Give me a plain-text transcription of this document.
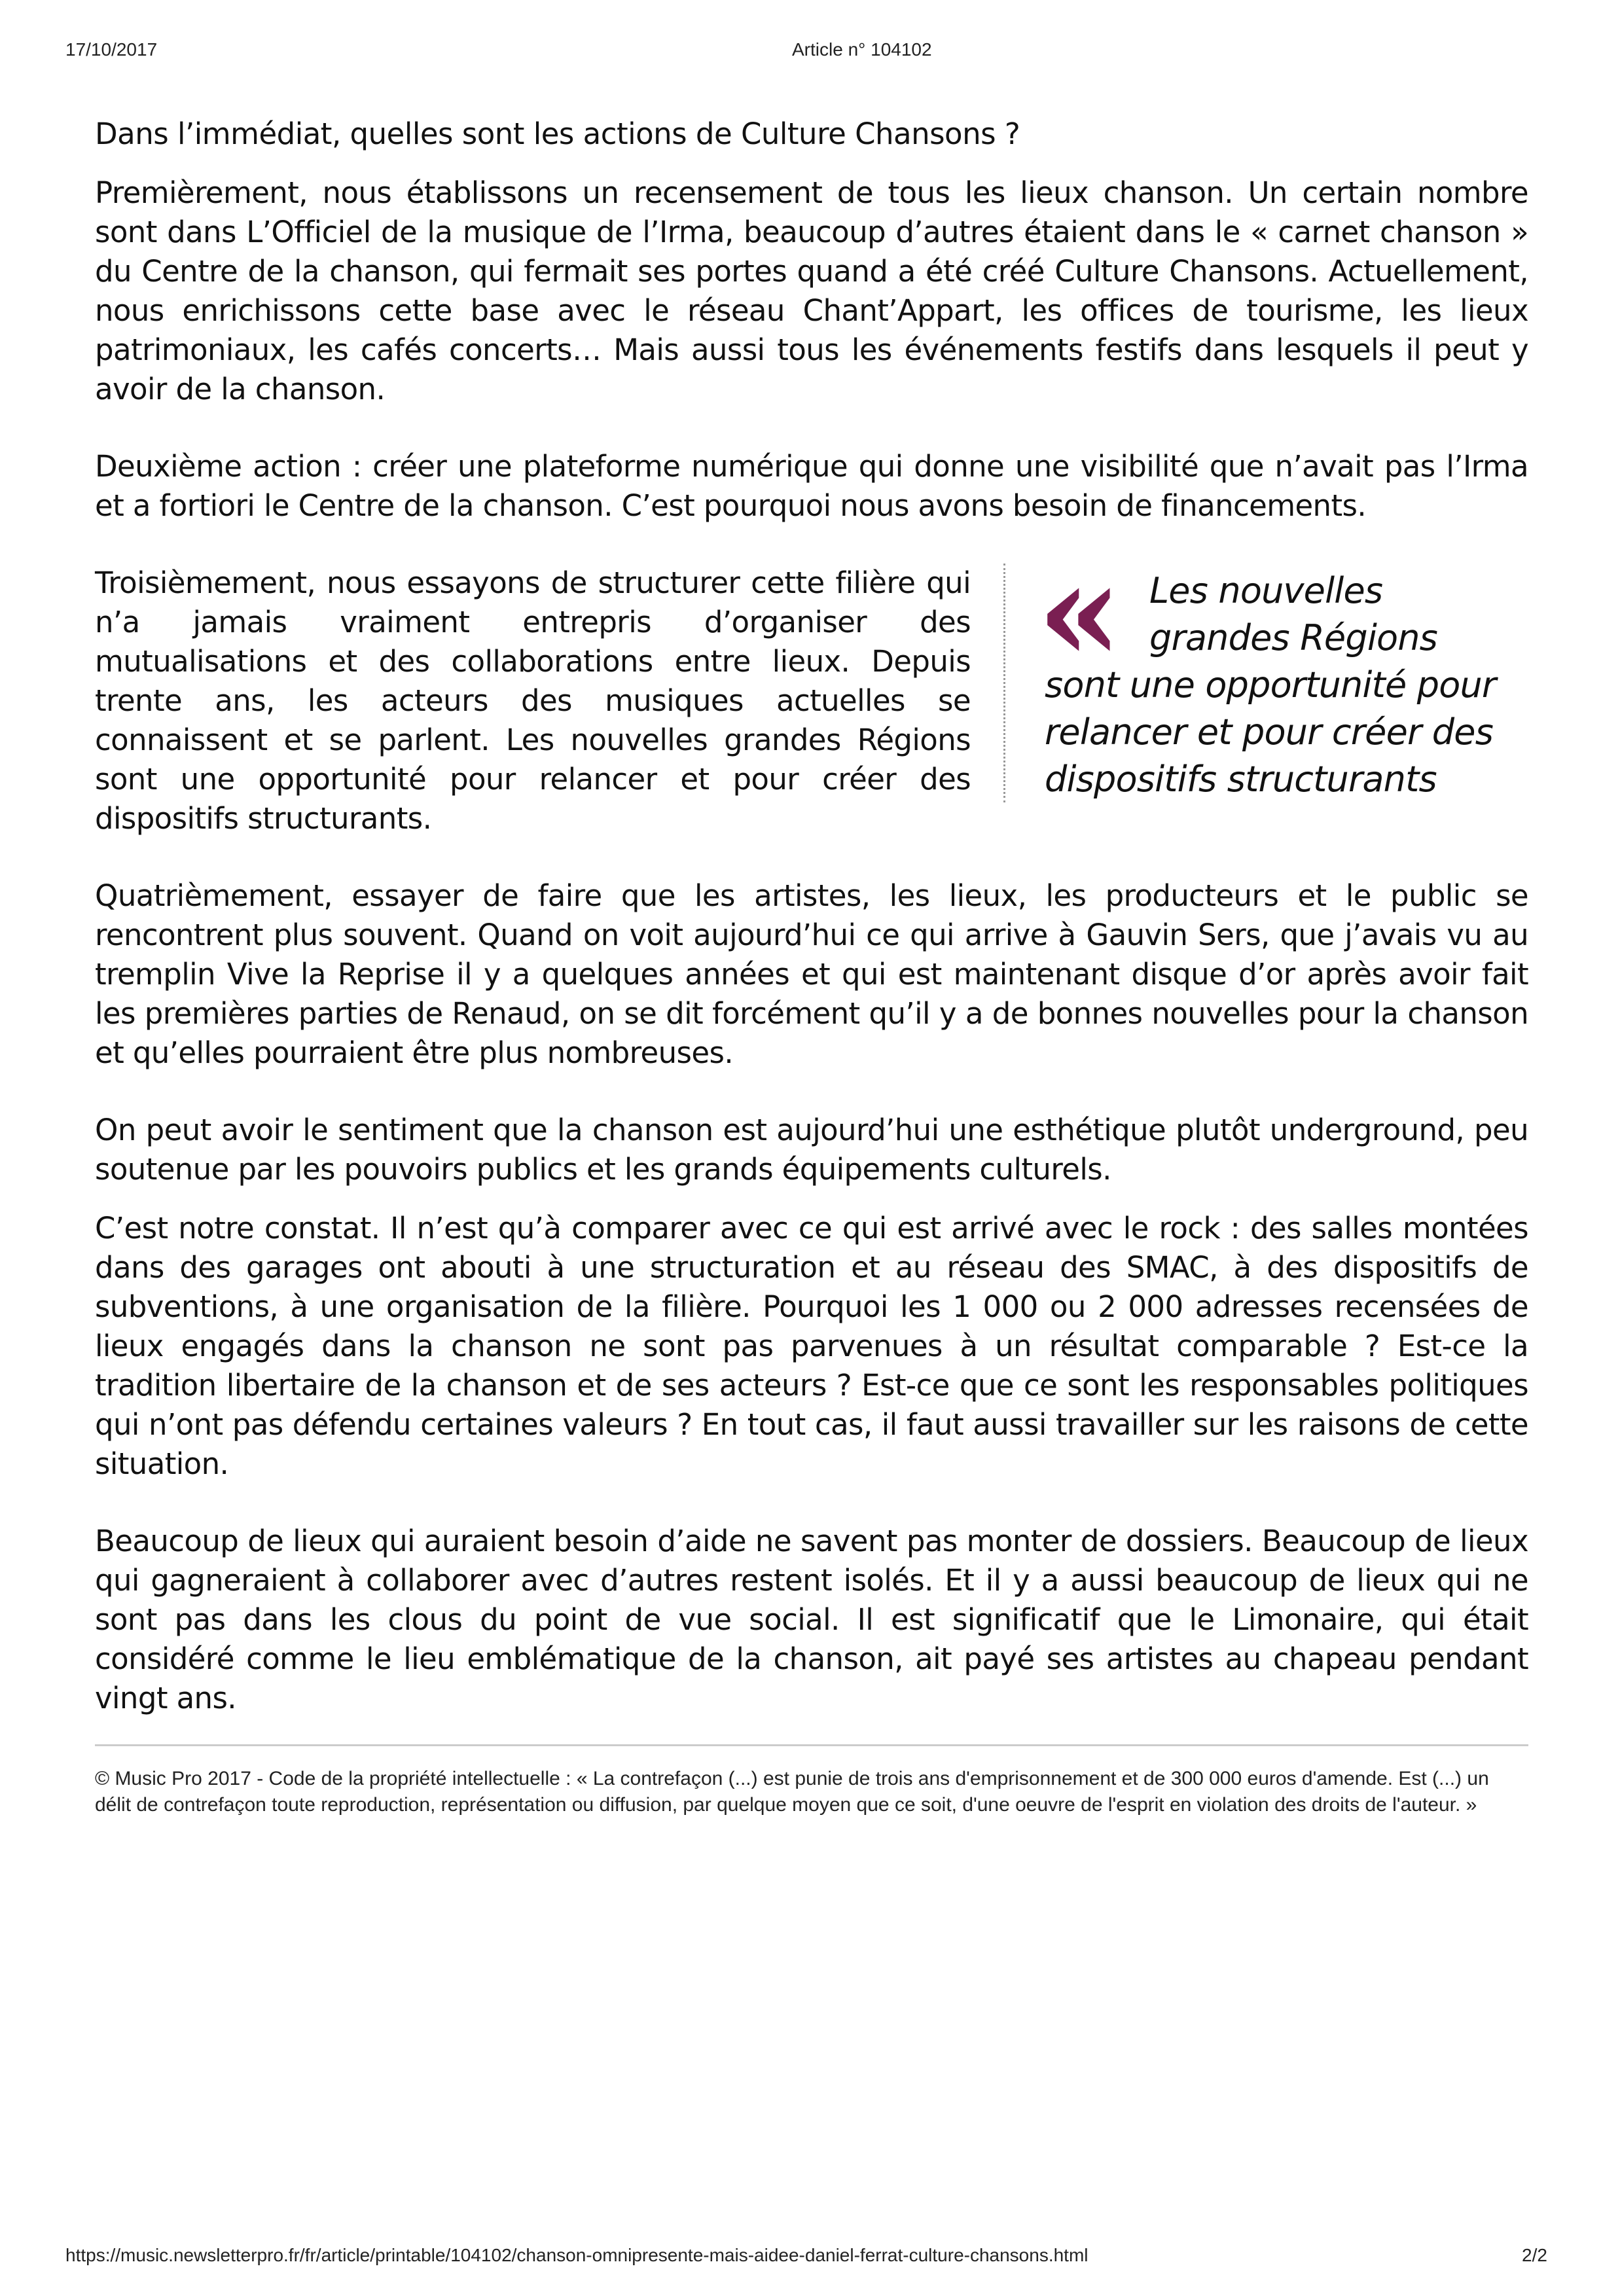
17/10/2017	Article n° 104102

Dans l’immédiat, quelles sont les actions de Culture Chansons ?

Premièrement, nous établissons un recensement de tous les lieux chanson. Un certain nombre sont dans L’Officiel de la musique de l’Irma, beaucoup d’autres étaient dans le « carnet chanson » du Centre de la chanson, qui fermait ses portes quand a été créé Culture Chansons. Actuellement, nous enrichissons cette base avec le réseau Chant’Appart, les offices de tourisme, les lieux patrimoniaux, les cafés concerts… Mais aussi tous les événements festifs dans lesquels il peut y avoir de la chanson.

Deuxième action : créer une plateforme numérique qui donne une visibilité que n’avait pas l’Irma et a fortiori le Centre de la chanson. C’est pourquoi nous avons besoin de financements.

Troisièmement, nous essayons de structurer cette filière qui n’a jamais vraiment entrepris d’organiser des mutualisations et des collaborations entre lieux. Depuis trente ans, les acteurs des musiques actuelles se connaissent et se parlent. Les nouvelles grandes Régions sont une opportunité pour relancer et pour créer des dispositifs structurants.

« Les nouvelles
grandes Régions
sont une opportunité pour relancer et pour créer des dispositifs structurants

Quatrièmement, essayer de faire que les artistes, les lieux, les producteurs et le public se rencontrent plus souvent. Quand on voit aujourd’hui ce qui arrive à Gauvin Sers, que j’avais vu au tremplin Vive la Reprise il y a quelques années et qui est maintenant disque d’or après avoir fait les premières parties de Renaud, on se dit forcément qu’il y a de bonnes nouvelles pour la chanson et qu’elles pourraient être plus nombreuses.

On peut avoir le sentiment que la chanson est aujourd’hui une esthétique plutôt underground, peu soutenue par les pouvoirs publics et les grands équipements culturels.

C’est notre constat. Il n’est qu’à comparer avec ce qui est arrivé avec le rock : des salles montées dans des garages ont abouti à une structuration et au réseau des SMAC, à des dispositifs de subventions, à une organisation de la filière. Pourquoi les 1 000 ou 2 000 adresses recensées de lieux engagés dans la chanson ne sont pas parvenues à un résultat comparable ? Est-ce la tradition libertaire de la chanson et de ses acteurs ? Est-ce que ce sont les responsables politiques qui n’ont pas défendu certaines valeurs ? En tout cas, il faut aussi travailler sur les raisons de cette situation.

Beaucoup de lieux qui auraient besoin d’aide ne savent pas monter de dossiers. Beaucoup de lieux qui gagneraient à collaborer avec d’autres restent isolés. Et il y a aussi beaucoup de lieux qui ne sont pas dans les clous du point de vue social. Il est significatif que le Limonaire, qui était considéré comme le lieu emblématique de la chanson, ait payé ses artistes au chapeau pendant vingt ans.

© Music Pro 2017 - Code de la propriété intellectuelle : « La contrefaçon (...) est punie de trois ans d'emprisonnement et de 300 000 euros d'amende. Est (...) un délit de contrefaçon toute reproduction, représentation ou diffusion, par quelque moyen que ce soit, d'une oeuvre de l'esprit en violation des droits de l'auteur. »

https://music.newsletterpro.fr/fr/article/printable/104102/chanson-omnipresente-mais-aidee-daniel-ferrat-culture-chansons.html	2/2
